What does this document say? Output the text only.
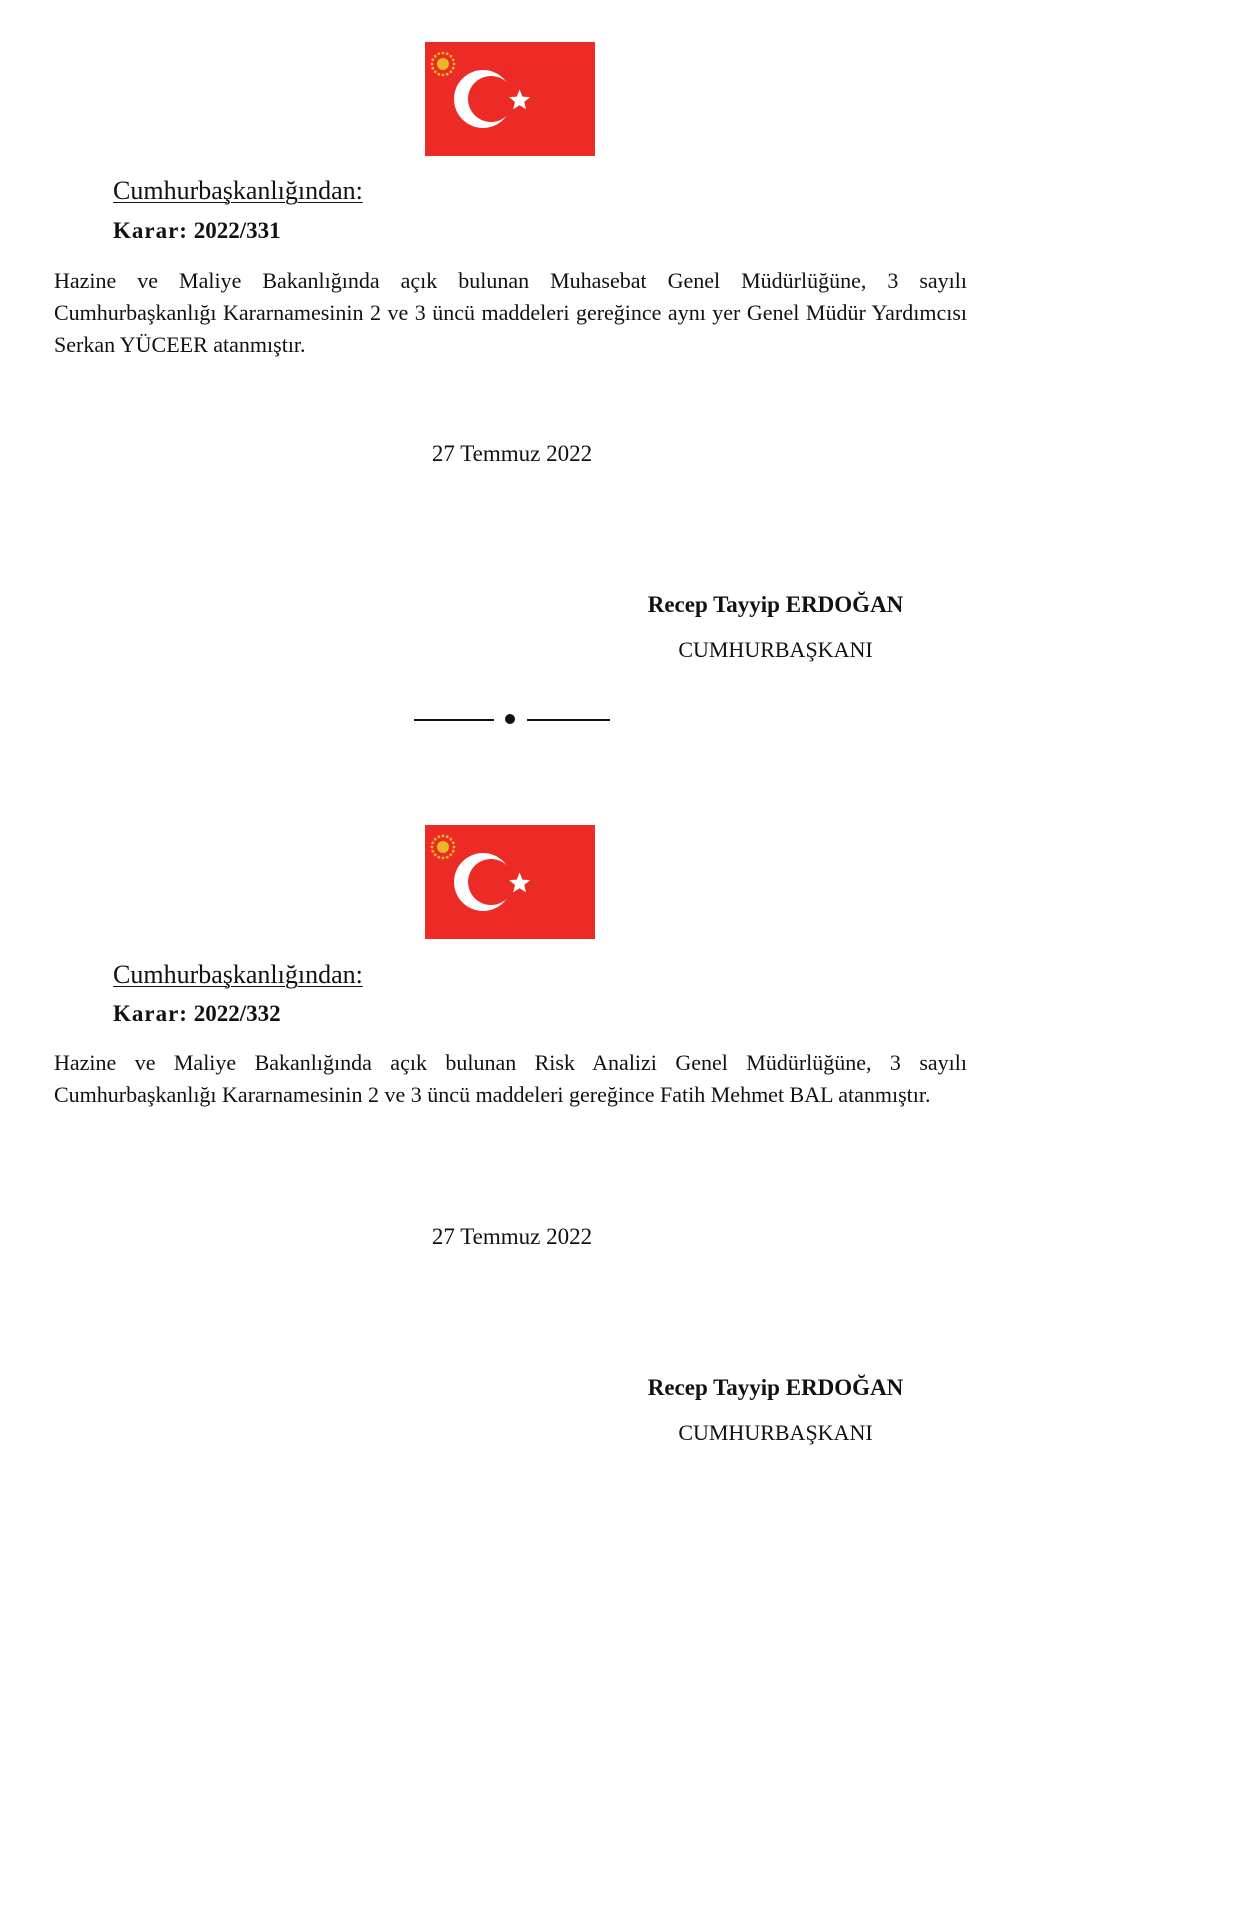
Cumhurbaşkanlığından:
Karar: 2022/331
Hazine ve Maliye Bakanlığında açık bulunan Muhasebat Genel Müdürlüğüne, 3 sayılı Cumhurbaşkanlığı Kararnamesinin 2 ve 3 üncü maddeleri gereğince aynı yer Genel Müdür Yardımcısı Serkan YÜCEER atanmıştır.
27 Temmuz 2022
Recep Tayyip ERDOĞAN
CUMHURBAŞKANI
Cumhurbaşkanlığından:
Karar: 2022/332
Hazine ve Maliye Bakanlığında açık bulunan Risk Analizi Genel Müdürlüğüne, 3 sayılı Cumhurbaşkanlığı Kararnamesinin 2 ve 3 üncü maddeleri gereğince Fatih Mehmet BAL atanmıştır.
27 Temmuz 2022
Recep Tayyip ERDOĞAN
CUMHURBAŞKANI
